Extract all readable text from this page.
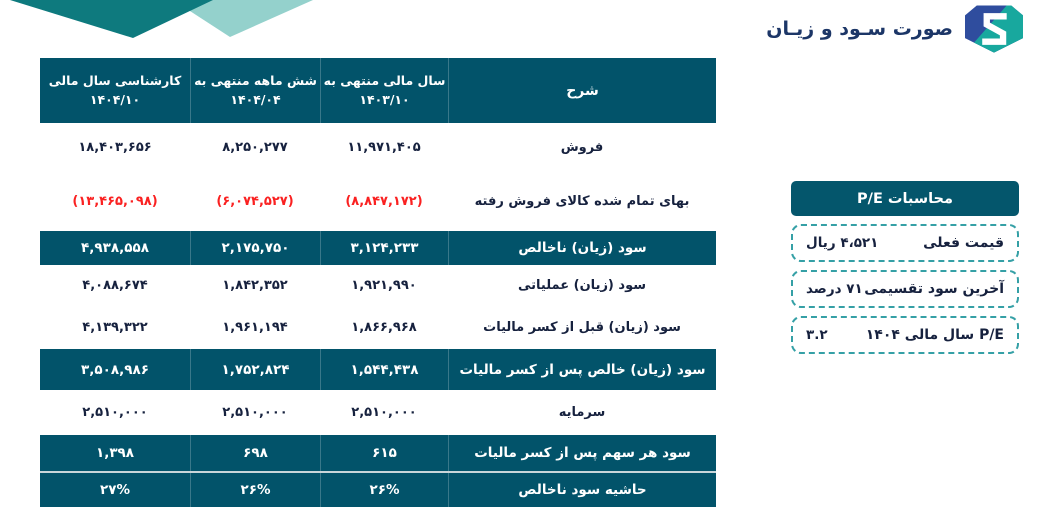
صورت سـود و زیـان
شرح
سال مالی منتهی به
۱۴۰۳/۱۰
شش ماهه منتهی به
۱۴۰۴/۰۴
کارشناسی سال مالی
۱۴۰۴/۱۰
فروش
۱۱,۹۷۱,۴۰۵
۸,۲۵۰,۲۷۷
۱۸,۴۰۳,۶۵۶
بهای تمام شده کالای فروش رفته
(۸,۸۴۷,۱۷۲)
(۶,۰۷۴,۵۲۷)
(۱۳,۴۶۵,۰۹۸)
سود (زیان) ناخالص
۳,۱۲۴,۲۳۳
۲,۱۷۵,۷۵۰
۴,۹۳۸,۵۵۸
سود (زیان) عملیاتی
۱,۹۲۱,۹۹۰
۱,۸۴۲,۳۵۲
۴,۰۸۸,۶۷۴
سود (زیان) قبل از کسر مالیات
۱,۸۶۶,۹۶۸
۱,۹۶۱,۱۹۴
۴,۱۳۹,۳۲۲
سود (زیان) خالص پس از کسر مالیات
۱,۵۴۴,۴۳۸
۱,۷۵۲,۸۲۴
۳,۵۰۸,۹۸۶
سرمایه
۲,۵۱۰,۰۰۰
۲,۵۱۰,۰۰۰
۲,۵۱۰,۰۰۰
سود هر سهم پس از کسر مالیات
۶۱۵
۶۹۸
۱,۳۹۸
حاشیه سود ناخالص
۲۶%
۲۶%
۲۷%
محاسبات P/E
قیمت فعلی
۴،۵۲۱ ریال
آخرین سود تقسیمی
۷۱ درصد
P/E سال مالی ۱۴۰۴
۳.۲
